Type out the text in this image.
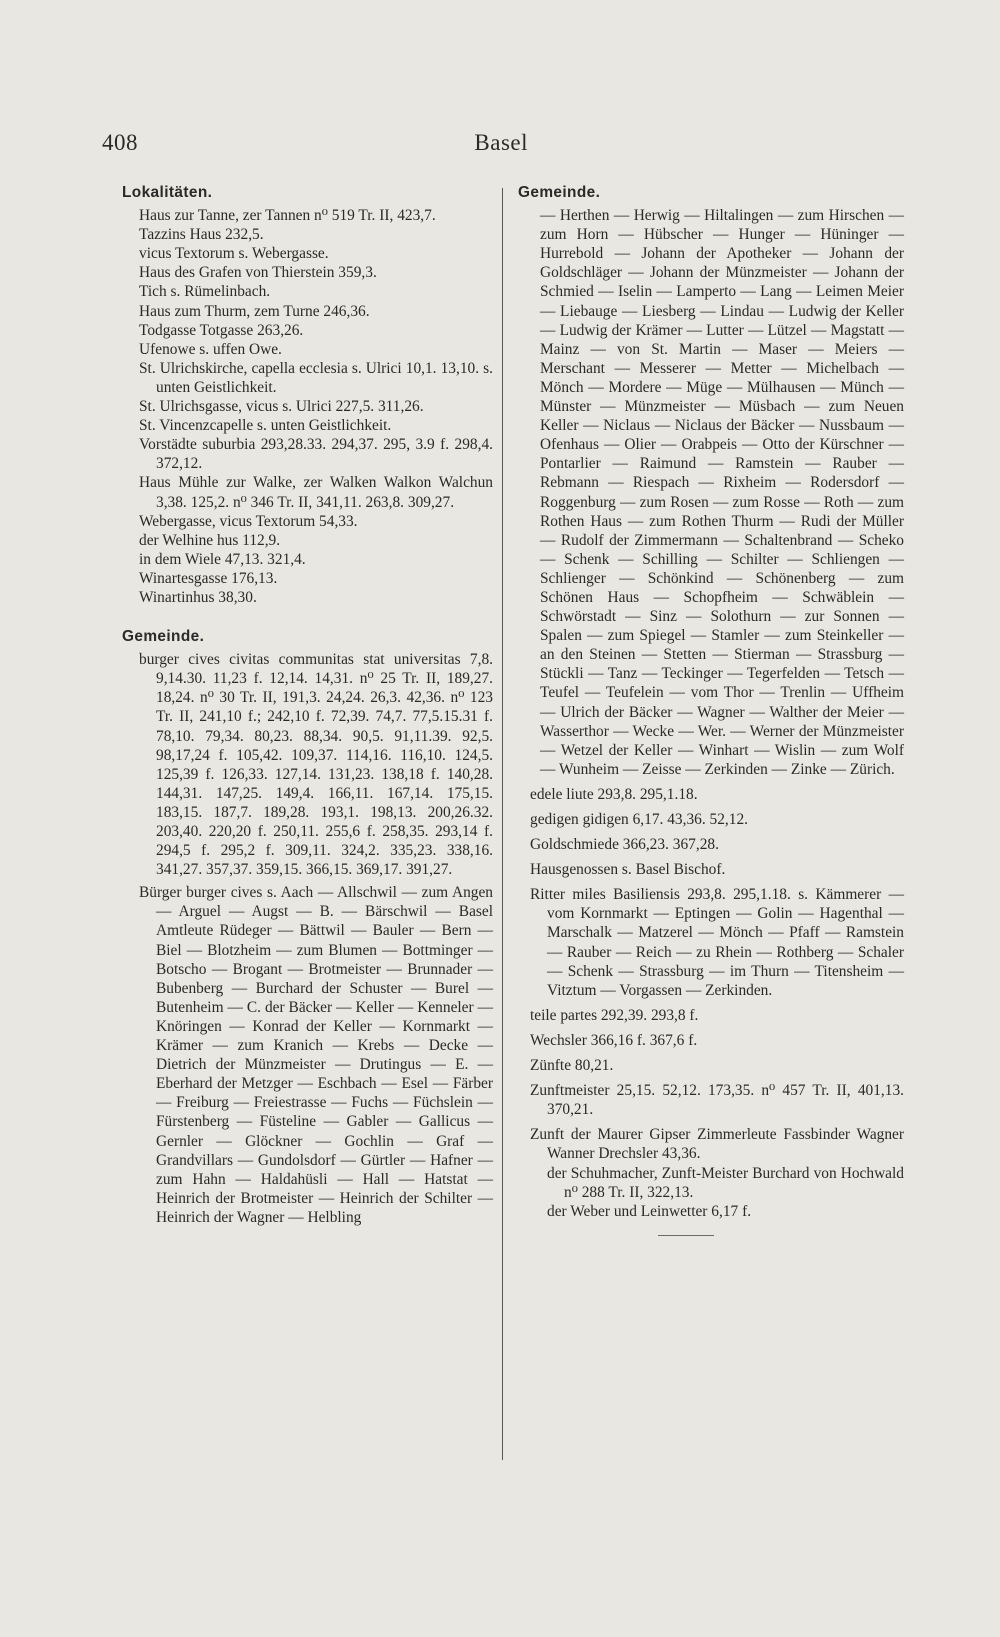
408	Basel
Lokalitäten.
Haus zur Tanne, zer Tannen n⁰ 519 Tr. II, 423,7.
Tazzins Haus 232,5.
vicus Textorum s. Webergasse.
Haus des Grafen von Thierstein 359,3.
Tich s. Rümelinbach.
Haus zum Thurm, zem Turne 246,36.
Todgasse Totgasse 263,26.
Ufenowe s. uffen Owe.
St. Ulrichskirche, capella ecclesia s. Ulrici 10,1. 13,10. s. unten Geistlichkeit.
St. Ulrichsgasse, vicus s. Ulrici 227,5. 311,26.
St. Vincenzcapelle s. unten Geistlichkeit.
Vorstädte suburbia 293,28.33. 294,37. 295, 3.9 f. 298,4. 372,12.
Haus Mühle zur Walke, zer Walken Walkon Walchun 3,38. 125,2. n⁰ 346 Tr. II, 341,11. 263,8. 309,27.
Webergasse, vicus Textorum 54,33.
der Welhine hus 112,9.
in dem Wiele 47,13. 321,4.
Winartesgasse 176,13.
Winartinhus 38,30.
Gemeinde.
burger cives civitas communitas stat universitas 7,8. 9,14.30. 11,23 f. 12,14. 14,31. n⁰ 25 Tr. II, 189,27. 18,24. n⁰ 30 Tr. II, 191,3. 24,24. 26,3. 42,36. n⁰ 123 Tr. II, 241,10 f.; 242,10 f. 72,39. 74,7. 77,5.15.31 f. 78,10. 79,34. 80,23. 88,34. 90,5. 91,11.39. 92,5. 98,17,24 f. 105,42. 109,37. 114,16. 116,10. 124,5. 125,39 f. 126,33. 127,14. 131,23. 138,18 f. 140,28. 144,31. 147,25. 149,4. 166,11. 167,14. 175,15. 183,15. 187,7. 189,28. 193,1. 198,13. 200,26.32. 203,40. 220,20 f. 250,11. 255,6 f. 258,35. 293,14 f. 294,5 f. 295,2 f. 309,11. 324,2. 335,23. 338,16. 341,27. 357,37. 359,15. 366,15. 369,17. 391,27.
Bürger burger cives s. Aach — Allschwil — zum Angen — Arguel — Augst — B. — Bärschwil — Basel Amtleute Rüdeger — Bättwil — Bauler — Bern — Biel — Blotzheim — zum Blumen — Bottminger — Botscho — Brogant — Brotmeister — Brunnader — Bubenberg — Burchard der Schuster — Burel — Butenheim — C. der Bäcker — Keller — Kenneler — Knöringen — Konrad der Keller — Kornmarkt — Krämer — zum Kranich — Krebs — Decke — Dietrich der Münzmeister — Drutingus — E. — Eberhard der Metzger — Eschbach — Esel — Färber — Freiburg — Freiestrasse — Fuchs — Füchslein — Fürstenberg — Füsteline — Gabler — Gallicus — Gernler — Glöckner — Gochlin — Graf — Grandvillars — Gundolsdorf — Gürtler — Hafner — zum Hahn — Haldahüsli — Hall — Hatstat — Heinrich der Brotmeister — Heinrich der Schilter — Heinrich der Wagner — Helbling
Gemeinde.
— Herthen — Herwig — Hiltalingen — zum Hirschen — zum Horn — Hübscher — Hunger — Hüninger — Hurrebold — Johann der Apotheker — Johann der Goldschläger — Johann der Münzmeister — Johann der Schmied — Iselin — Lamperto — Lang — Leimen Meier — Liebauge — Liesberg — Lindau — Ludwig der Keller — Ludwig der Krämer — Lutter — Lützel — Magstatt — Mainz — von St. Martin — Maser — Meiers — Merschant — Messerer — Metter — Michelbach — Mönch — Mordere — Müge — Mülhausen — Münch — Münster — Münzmeister — Müsbach — zum Neuen Keller — Niclaus — Niclaus der Bäcker — Nussbaum — Ofenhaus — Olier — Orabpeis — Otto der Kürschner — Pontarlier — Raimund — Ramstein — Rauber — Rebmann — Riespach — Rixheim — Rodersdorf — Roggenburg — zum Rosen — zum Rosse — Roth — zum Rothen Haus — zum Rothen Thurm — Rudi der Müller — Rudolf der Zimmermann — Schaltenbrand — Scheko — Schenk — Schilling — Schilter — Schliengen — Schlienger — Schönkind — Schönenberg — zum Schönen Haus — Schopfheim — Schwäblein — Schwörstadt — Sinz — Solothurn — zur Sonnen — Spalen — zum Spiegel — Stamler — zum Steinkeller — an den Steinen — Stetten — Stierman — Strassburg — Stückli — Tanz — Teckinger — Tegerfelden — Tetsch — Teufel — Teufelein — vom Thor — Trenlin — Uffheim — Ulrich der Bäcker — Wagner — Walther der Meier — Wasserthor — Wecke — Wer. — Werner der Münzmeister — Wetzel der Keller — Winhart — Wislin — zum Wolf — Wunheim — Zeisse — Zerkinden — Zinke — Zürich.
edele liute 293,8. 295,1.18.
gedigen gidigen 6,17. 43,36. 52,12.
Goldschmiede 366,23. 367,28.
Hausgenossen s. Basel Bischof.
Ritter miles Basiliensis 293,8. 295,1.18. s. Kämmerer — vom Kornmarkt — Eptingen — Golin — Hagenthal — Marschalk — Matzerel — Mönch — Pfaff — Ramstein — Rauber — Reich — zu Rhein — Rothberg — Schaler — Schenk — Strassburg — im Thurn — Titensheim — Vitztum — Vorgassen — Zerkinden.
teile partes 292,39. 293,8 f.
Wechsler 366,16 f. 367,6 f.
Zünfte 80,21.
Zunftmeister 25,15. 52,12. 173,35. n⁰ 457 Tr. II, 401,13. 370,21.
Zunft der Maurer Gipser Zimmerleute Fassbinder Wagner Wanner Drechsler 43,36.
der Schuhmacher, Zunft-Meister Burchard von Hochwald n⁰ 288 Tr. II, 322,13.
der Weber und Leinwetter 6,17 f.
